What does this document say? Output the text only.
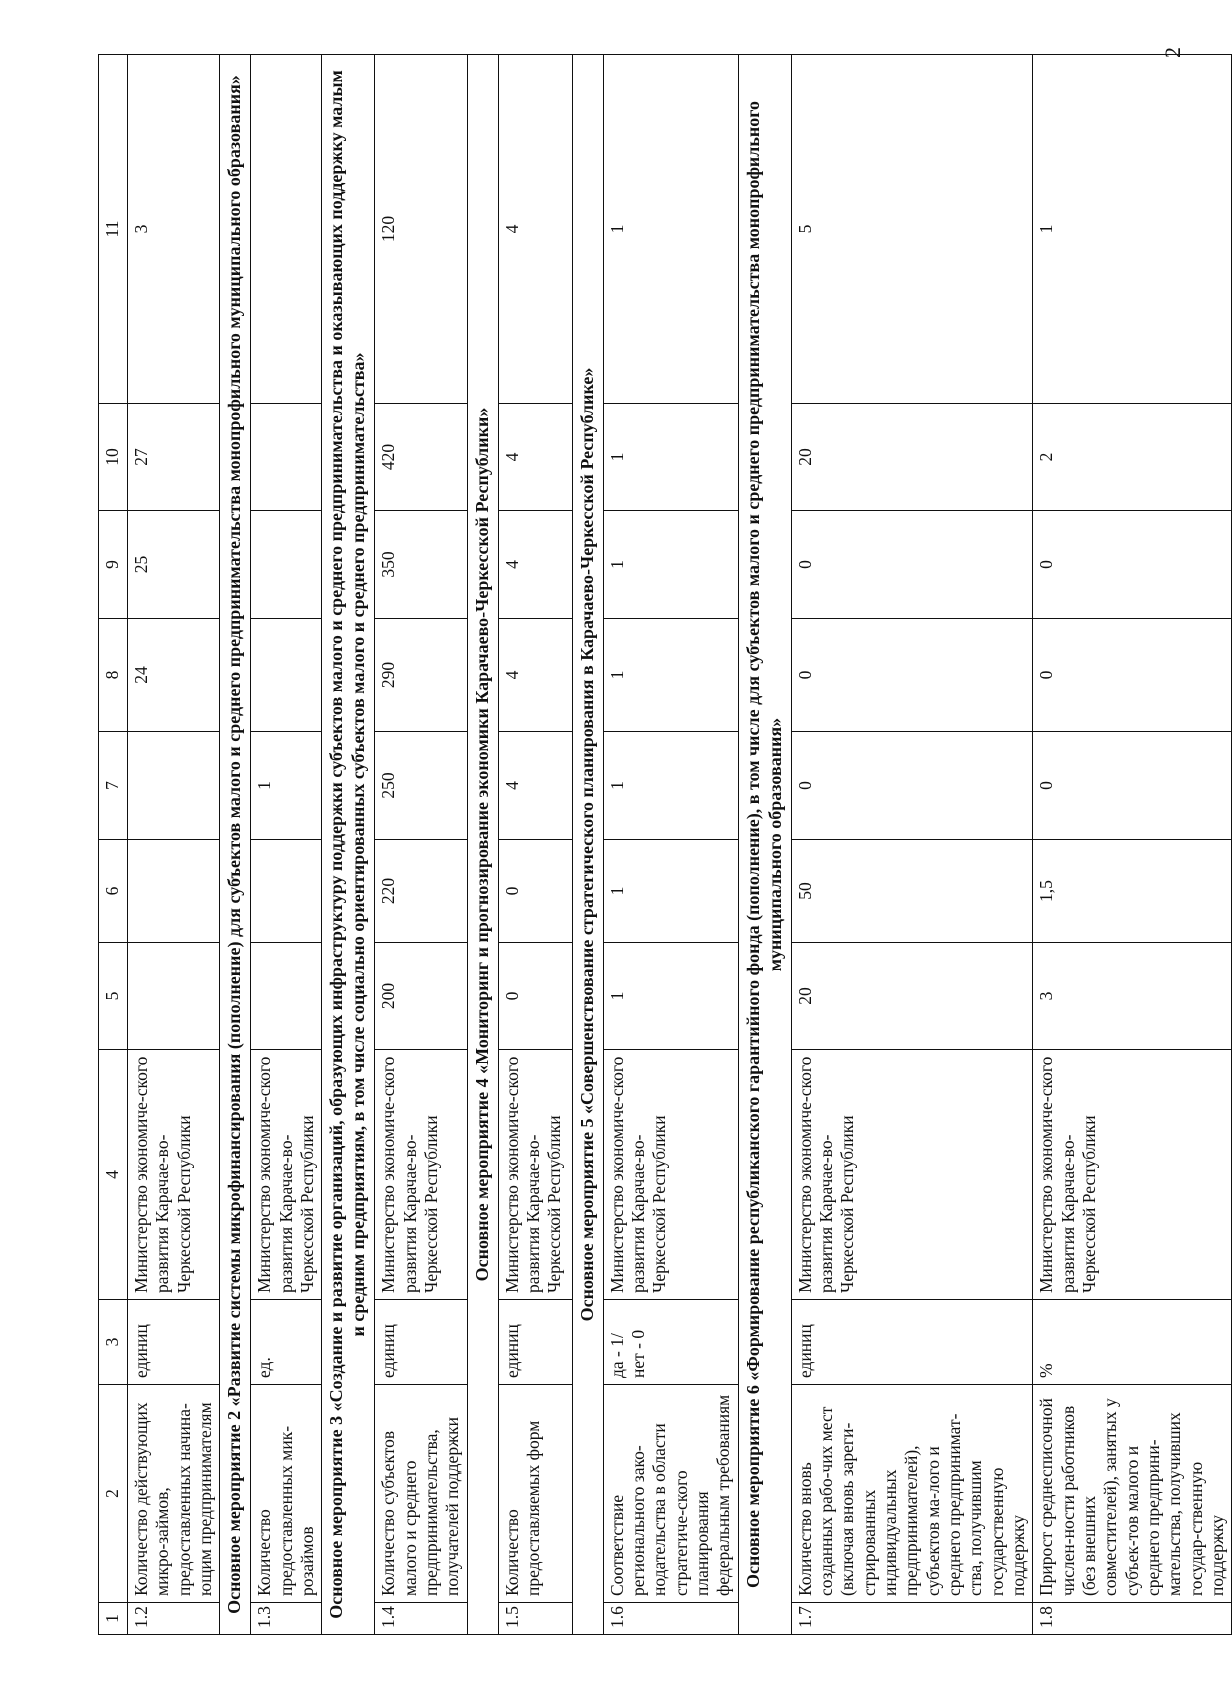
2
1	2	3	4	5	6	7	8	9	10	11
1.2	Количество действующих микро-займов, предоставленных начина-ющим предпринимателям	единиц	Министерство экономиче-ского развития Карачае-во-Черкесской Республики				24	25	27	3
Основное мероприятие 2 «Развитие системы микрофинансирования (пополнение) для субъектов малого и среднего предпринимательства монопрофильного муниципального образования»										
1.3	Количество предоставленных мик-розаймов	ед.	Министерство экономиче-ского развития Карачае-во-Черкесской Республики			1				
Основное мероприятие 3 «Создание и развитие организаций, образующих инфраструктуру поддержки субъектов малого и среднего предпринимательства и оказывающих поддержку малым и средним предприятиям, в том числе социально ориентированных субъектов малого и среднего предпринимательства»										
1.4	Количество субъектов малого и среднего предпринимательства, получателей поддержки	единиц	Министерство экономиче-ского развития Карачае-во-Черкесской Республики	200	220	250	290	350	420	120
Основное мероприятие 4 «Мониторинг и прогнозирование экономики Карачаево-Черкесской Республики»										
1.5	Количество предоставляемых форм	единиц	Министерство экономиче-ского развития Карачае-во-Черкесской Республики	0	0	4	4	4	4	4
Основное мероприятие 5 «Совершенствование стратегического планирования в Карачаево-Черкесской Республике»										
1.6	Соответствие регионального зако-нодательства в области стратегиче-ского планирования федеральным требованиям	да - 1/ нет - 0	Министерство экономиче-ского развития Карачае-во-Черкесской Республики	1	1	1	1	1	1	1
Основное мероприятие 6 «Формирование республиканского гарантийного фонда (пополнение), в том числе для субъектов малого и среднего предпринимательства монопрофильного муниципального образования»										
1.7	Количество вновь созданных рабо-чих мест (включая вновь зареги-стрированных индивидуальных предпринимателей), субъектов ма-лого и среднего предпринимат-ства, получившим государственную поддержку	единиц	Министерство экономиче-ского развития Карачае-во-Черкесской Республики	20	50	0	0	0	20	5
1.8	Прирост среднесписочной числен-ности работников (без внешних совместителей), занятых у субъек-тов малого и среднего предприни-мательства, получивших государ-ственную поддержку	%	Министерство экономиче-ского развития Карачае-во-Черкесской Республики	3	1,5	0	0	0	2	1
